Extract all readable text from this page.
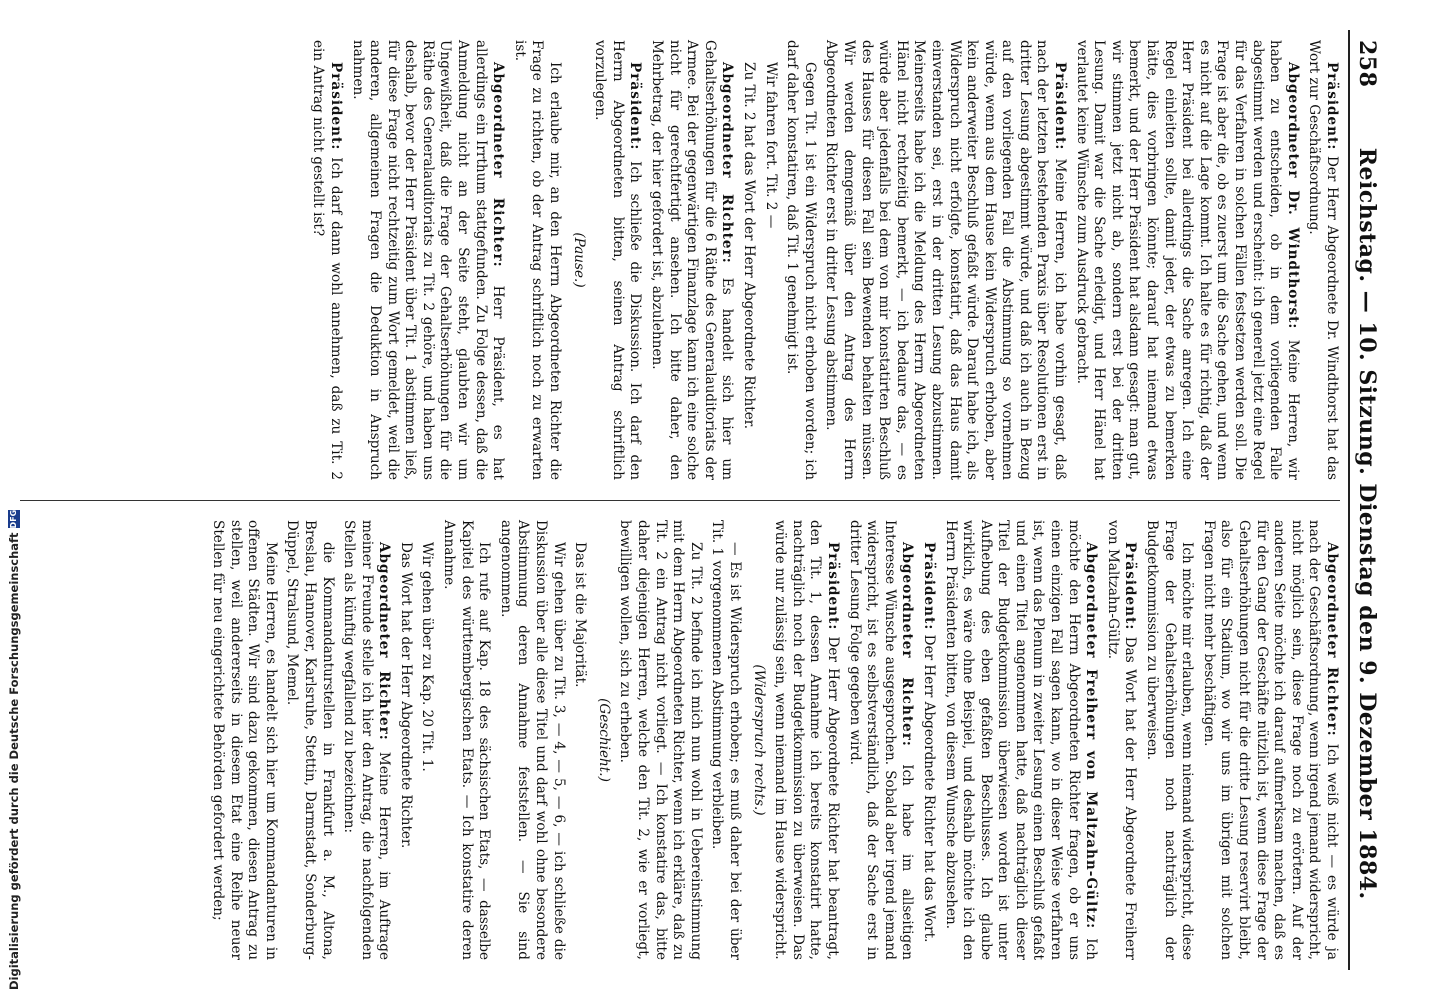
258
Reichstag. — 10. Sitzung. Dienstag den 9. Dezember 1884.

Präsident: Der Herr Abgeordnete Dr. Windthorst hat das Wort zur Geschäftsordnung.

Abgeordneter Dr. Windthorst: Meine Herren, wir haben zu entscheiden, ob in dem vorliegenden Falle abgestimmt werden und erscheint: ich generell jetzt eine Regel für das Verfahren in solchen Fällen festsetzen werden soll. Die Frage ist aber die, ob es zuerst um die Sache gehen, und wenn es nicht auf die Lage kommt. Ich halte es für richtig, daß der Herr Präsident bei allerdings die Sache anregen. Ich eine Regel einleiten sollte, damit jeder, der etwas zu bemerken hätte, dies vorbringen könnte; darauf hat niemand etwas bemerkt, und der Herr Präsident hat alsdann gesagt: man gut, wir stimmen jetzt nicht ab, sondern erst bei der dritten Lesung. Damit war die Sache erledigt, und Herr Hänel hat verlautet keine Wünsche zum Ausdruck gebracht.

Präsident: Meine Herren, ich habe vorhin gesagt, daß nach der letzten bestehenden Praxis über Resolutionen erst in dritter Lesung abgestimmt würde, und daß ich auch in Bezug auf den vorliegenden Fall die Abstimmung so vornehmen würde, wenn aus dem Hause kein Widerspruch erhoben, aber kein anderweiter Beschluß gefaßt würde. Darauf habe ich, als Widerspruch nicht erfolgte, konstatirt, daß das Haus damit einverstanden sei, erst in der dritten Lesung abzustimmen. Meinerseits habe ich die Meldung des Herrn Abgeordneten Hänel nicht rechtzeitig bemerkt, — ich bedaure das, — es würde aber jedenfalls bei dem von mir konstatirten Beschluß des Hauses für diesen Fall sein Bewenden behalten müssen. Wir werden demgemäß über den Antrag des Herrn Abgeordneten Richter erst in dritter Lesung abstimmen.

Gegen Tit. 1 ist ein Widerspruch nicht erhoben worden; ich darf daher konstatiren, daß Tit. 1 genehmigt ist.

Wir fahren fort. Tit. 2 —

Zu Tit. 2 hat das Wort der Herr Abgeordnete Richter.

Abgeordneter Richter: Es handelt sich hier um Gehaltserhöhungen für die 6 Räthe des Generalauditoriats der Armee. Bei der gegenwärtigen Finanzlage kann ich eine solche nicht für gerechtfertigt ansehen. Ich bitte daher, den Mehrbetrag, der hier gefordert ist, abzulehnen.

Präsident: Ich schließe die Diskussion. Ich darf den Herrn Abgeordneten bitten, seinen Antrag schriftlich vorzulegen.

(Pause.)

Ich erlaube mir, an den Herrn Abgeordneten Richter die Frage zu richten, ob der Antrag schriftlich noch zu erwarten ist.

Abgeordneter Richter: Herr Präsident, es hat allerdings ein Irrthum stattgefunden. Zu Folge dessen, daß die Anmeldung nicht an der Seite steht, glaubten wir um Ungewißheit, daß die Frage der Gehaltserhöhungen für die Räthe des Generalauditoriats zu Tit. 2 gehöre, und haben uns deshalb, bevor der Herr Präsident über Tit. 1 abstimmen ließ, für diese Frage nicht rechtzeitig zum Wort gemeldet, weil die anderen, allgemeinen Fragen die Deduktion in Anspruch nahmen.

Präsident: Ich darf dann wohl annehmen, daß zu Tit. 2 ein Antrag nicht gestellt ist?

Abgeordneter Richter: Ich weiß nicht — es würde ja nach der Geschäftsordnung, wenn irgend jemand widerspricht, nicht möglich sein, diese Frage noch zu erörtern. Auf der anderen Seite möchte ich darauf aufmerksam machen, daß es für den Gang der Geschäfte nützlich ist, wenn diese Frage der Gehaltserhöhungen nicht für die dritte Lesung reservirt bleibt, also für ein Stadium, wo wir uns im übrigen mit solchen Fragen nicht mehr beschäftigen.

Ich möchte mir erlauben, wenn niemand widerspricht, diese Frage der Gehaltserhöhungen noch nachträglich der Budgetkommission zu überweisen.

Präsident: Das Wort hat der Herr Abgeordnete Freiherr von Maltzahn-Gültz.

Abgeordneter Freiherr von Maltzahn-Gültz: Ich möchte den Herrn Abgeordneten Richter fragen, ob er uns einen einzigen Fall sagen kann, wo in dieser Weise verfahren ist, wenn das Plenum in zweiter Lesung einen Beschluß gefaßt und einen Titel angenommen hatte, daß nachträglich dieser Titel der Budgetkommission überwiesen worden ist unter Aufhebung des eben gefaßten Beschlusses. Ich glaube wirklich, es wäre ohne Beispiel, und deshalb möchte ich den Herrn Präsidenten bitten, von diesem Wunsche abzusehen.

Präsident: Der Herr Abgeordnete Richter hat das Wort.

Abgeordneter Richter: Ich habe im allseitigen Interesse Wünsche ausgesprochen. Sobald aber irgend jemand widerspricht, ist es selbstverständlich, daß der Sache erst in dritter Lesung Folge gegeben wird.

Präsident: Der Herr Abgeordnete Richter hat beantragt, den Tit. 1, dessen Annahme ich bereits konstatirt hatte, nachträglich noch der Budgetkommission zu überweisen. Das würde nur zulässig sein, wenn niemand im Hause widerspricht.

(Widerspruch rechts.)

— Es ist Widerspruch erhoben; es muß daher bei der über Tit. 1 vorgenommenen Abstimmung verbleiben.

Zu Tit. 2 befinde ich mich nun wohl in Uebereinstimmung mit dem Herrn Abgeordneten Richter, wenn ich erkläre, daß zu Tit. 2 ein Antrag nicht vorliegt. — Ich konstatire das, bitte daher diejenigen Herren, welche den Tit. 2, wie er vorliegt, bewilligen wollen, sich zu erheben.

(Geschieht.)

Das ist die Majorität.

Wir gehen über zu Tit. 3, — 4, — 5, — 6, — ich schließe die Diskussion über alle diese Titel und darf wohl ohne besondere Abstimmung deren Annahme feststellen. — Sie sind angenommen.

Ich rufe auf Kap. 18 des sächsischen Etats, — dasselbe Kapitel des württembergischen Etats. — Ich konstatire deren Annahme.

Wir gehen über zu Kap. 20 Tit. 1.

Das Wort hat der Herr Abgeordnete Richter.

Abgeordneter Richter: Meine Herren, im Auftrage meiner Freunde stelle ich hier den Antrag, die nachfolgenden Stellen als künftig wegfallend zu bezeichnen:

die Kommandanturstellen in Frankfurt a. M., Altona, Breslau, Hannover, Karlsruhe, Stettin, Darmstadt, Sonderburg-Düppel, Stralsund, Memel.

Meine Herren, es handelt sich hier um Kommandanturen in offenen Städten. Wir sind dazu gekommen, diesen Antrag zu stellen, weil andererseits in diesem Etat eine Reihe neuer Stellen für neu eingerichtete Behörden gefordert werden;

Digitalisierung gefördert durch die Deutsche Forschungsgemeinschaft
DFG
